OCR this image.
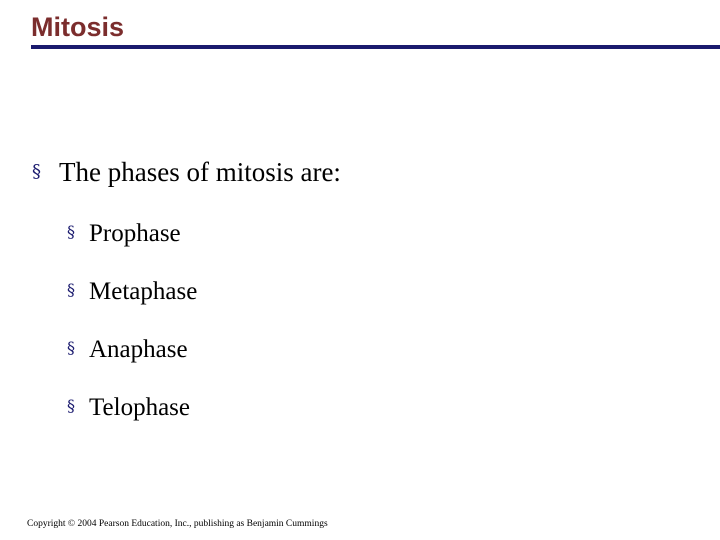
Mitosis
§ The phases of mitosis are:
§ Prophase
§ Metaphase
§ Anaphase
§ Telophase
Copyright © 2004 Pearson Education, Inc., publishing as Benjamin Cummings
